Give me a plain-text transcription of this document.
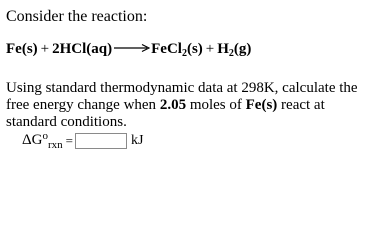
Consider the reaction:
Fe(s) + 2HCl(aq) → FeCl$_2$(s) + $H_2(g)$
Using standard thermodynamic data at 298K, calculate the free energy change when 2.05 moles of Fe(s) react at standard conditions.
$\Delta G^o_{rxn}$ =	kJ
